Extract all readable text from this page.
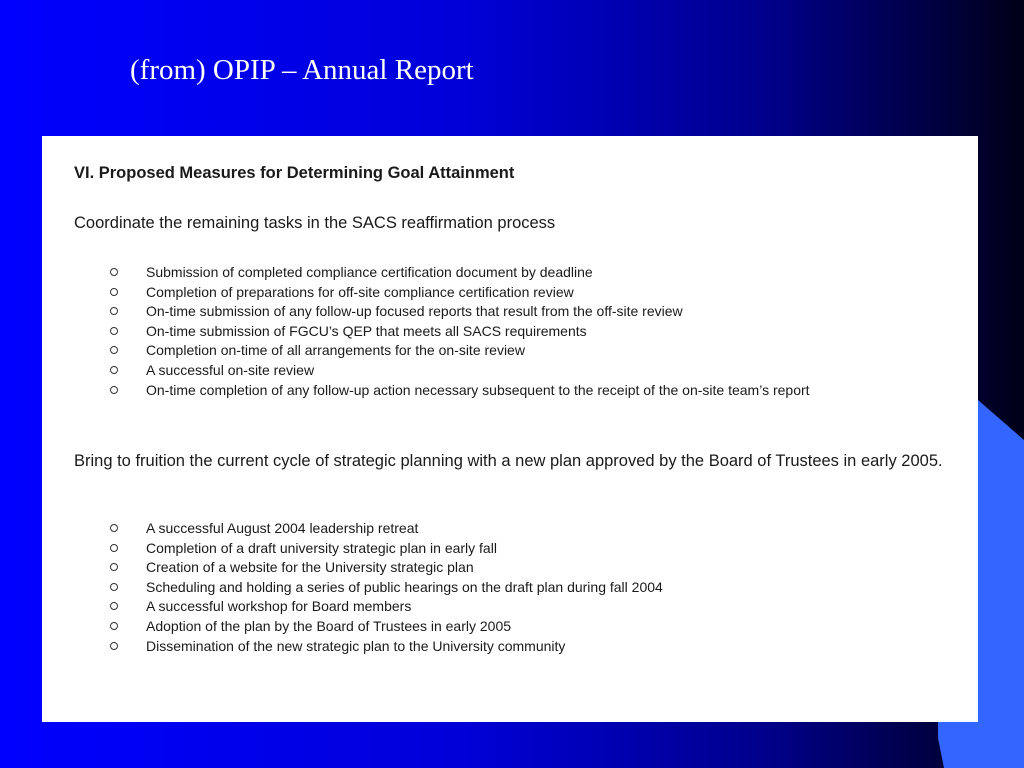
(from) OPIP – Annual Report
VI. Proposed Measures for Determining Goal Attainment
Coordinate the remaining tasks in the SACS reaffirmation process
Submission of completed compliance certification document by deadline
Completion of preparations for off-site compliance certification review
On-time submission of any follow-up focused reports that result from the off-site review
On-time submission of FGCU’s QEP that meets all SACS requirements
Completion on-time of all arrangements for the on-site review
A successful on-site review
On-time completion of any follow-up action necessary subsequent to the receipt of the on-site team’s report
Bring to fruition the current cycle of strategic planning with a new plan approved by the Board of Trustees in early 2005.
A successful August 2004 leadership retreat
Completion of a draft university strategic plan in early fall
Creation of a website for the University strategic plan
Scheduling and holding a series of public hearings on the draft plan during fall 2004
A successful workshop for Board members
Adoption of the plan by the Board of Trustees in early 2005
Dissemination of the new strategic plan to the University community
